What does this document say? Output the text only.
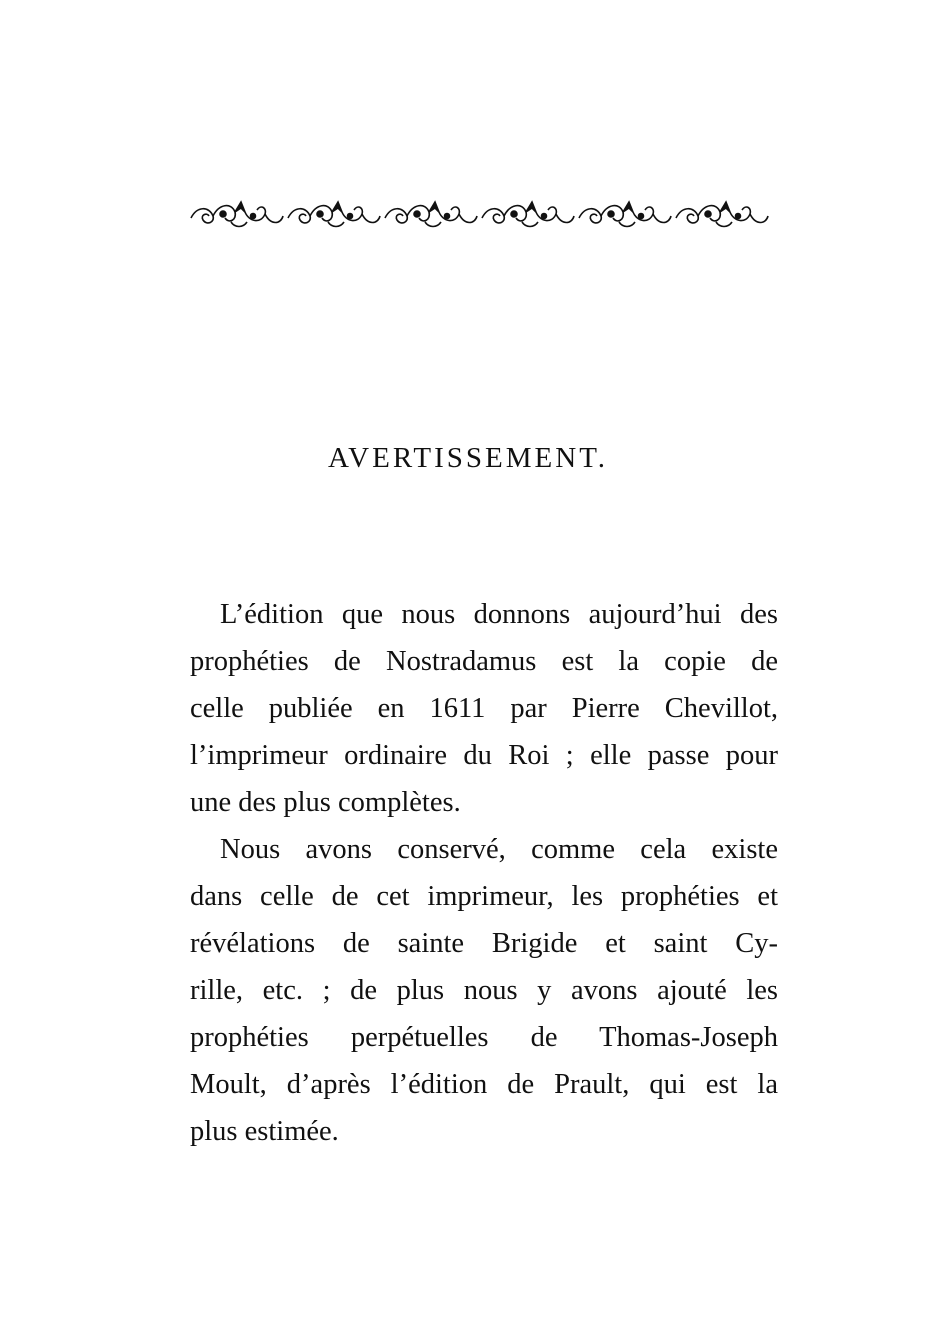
AVERTISSEMENT.

L’édition que nous donnons aujourd’hui des
prophéties de Nostradamus est la copie de
celle publiée en 1611 par Pierre Chevillot,
l’imprimeur ordinaire du Roi ; elle passe pour
une des plus complètes.

Nous avons conservé, comme cela existe
dans celle de cet imprimeur, les prophéties et
révélations de sainte Brigide et saint Cy-
rille, etc. ; de plus nous y avons ajouté les
prophéties perpétuelles de Thomas-Joseph
Moult, d’après l’édition de Prault, qui est la
plus estimée.
